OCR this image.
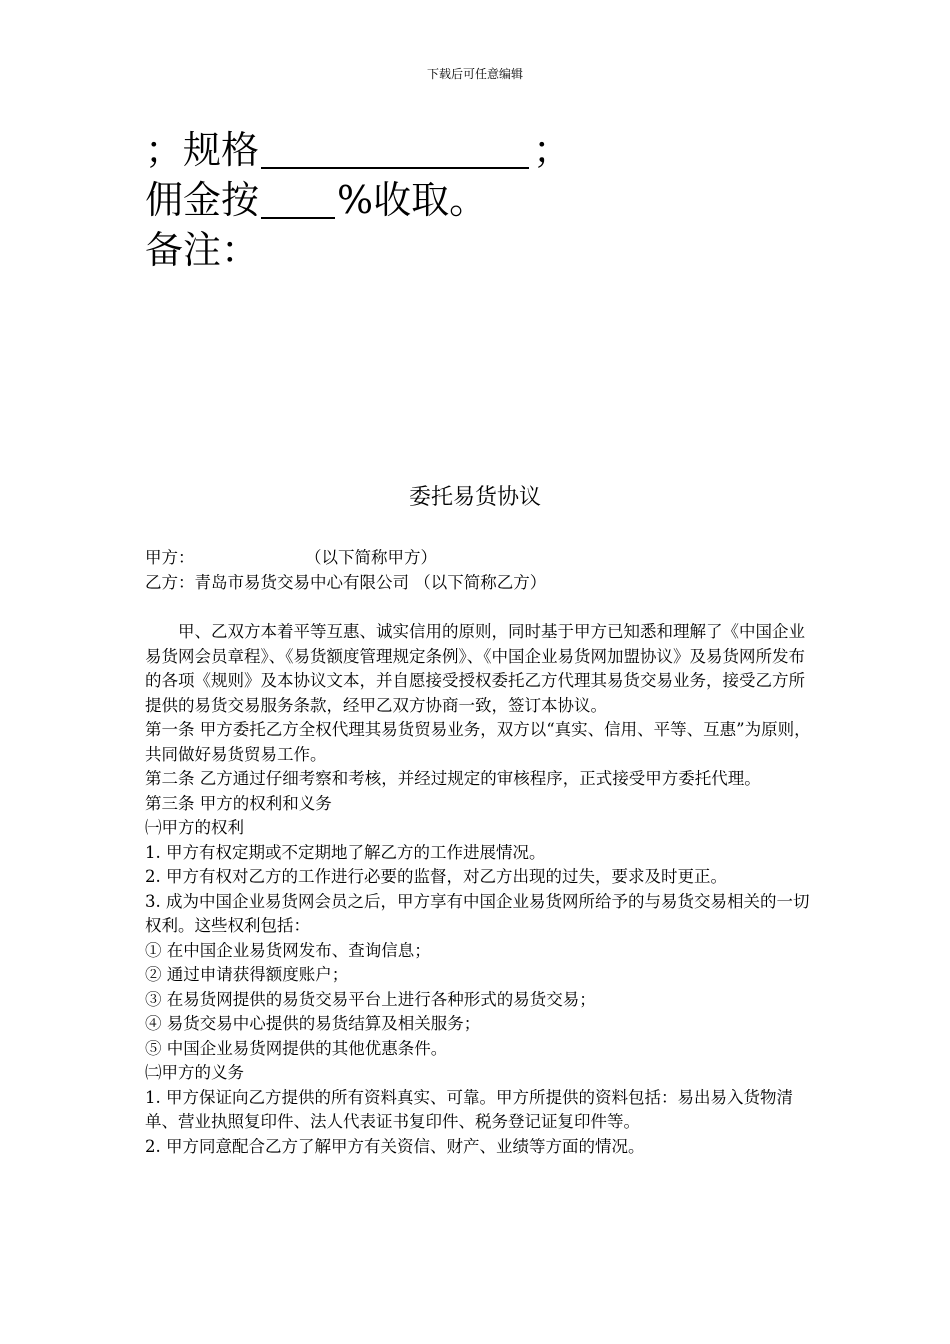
下载后可任意编辑
；规格	；
佣金按 %收取。
备注：
委托易货协议

甲方：	（以下简称甲方）

乙方：青岛市易货交易中心有限公司 （以下简称乙方）

甲、乙双方本着平等互惠、诚实信用的原则，同时基于甲方已知悉和理解了《中国企业易货网会员章程》、《易货额度管理规定条例》、《中国企业易货网加盟协议》及易货网所发布的各项《规则》及本协议文本，并自愿接受授权委托乙方代理其易货交易业务，接受乙方所提供的易货交易服务条款，经甲乙双方协商一致，签订本协议。

第一条 甲方委托乙方全权代理其易货贸易业务，双方以“真实、信用、平等、互惠”为原则，共同做好易货贸易工作。

第二条 乙方通过仔细考察和考核，并经过规定的审核程序，正式接受甲方委托代理。

第三条 甲方的权利和义务

㈠甲方的权利

1. 甲方有权定期或不定期地了解乙方的工作进展情况。

2. 甲方有权对乙方的工作进行必要的监督，对乙方出现的过失，要求及时更正。

3. 成为中国企业易货网会员之后，甲方享有中国企业易货网所给予的与易货交易相关的一切权利。这些权利包括：

① 在中国企业易货网发布、查询信息；

② 通过申请获得额度账户；

③ 在易货网提供的易货交易平台上进行各种形式的易货交易；

④ 易货交易中心提供的易货结算及相关服务；

⑤ 中国企业易货网提供的其他优惠条件。

㈡甲方的义务

1. 甲方保证向乙方提供的所有资料真实、可靠。甲方所提供的资料包括：易出易入货物清单、营业执照复印件、法人代表证书复印件、税务登记证复印件等。

2. 甲方同意配合乙方了解甲方有关资信、财产、业绩等方面的情况。
